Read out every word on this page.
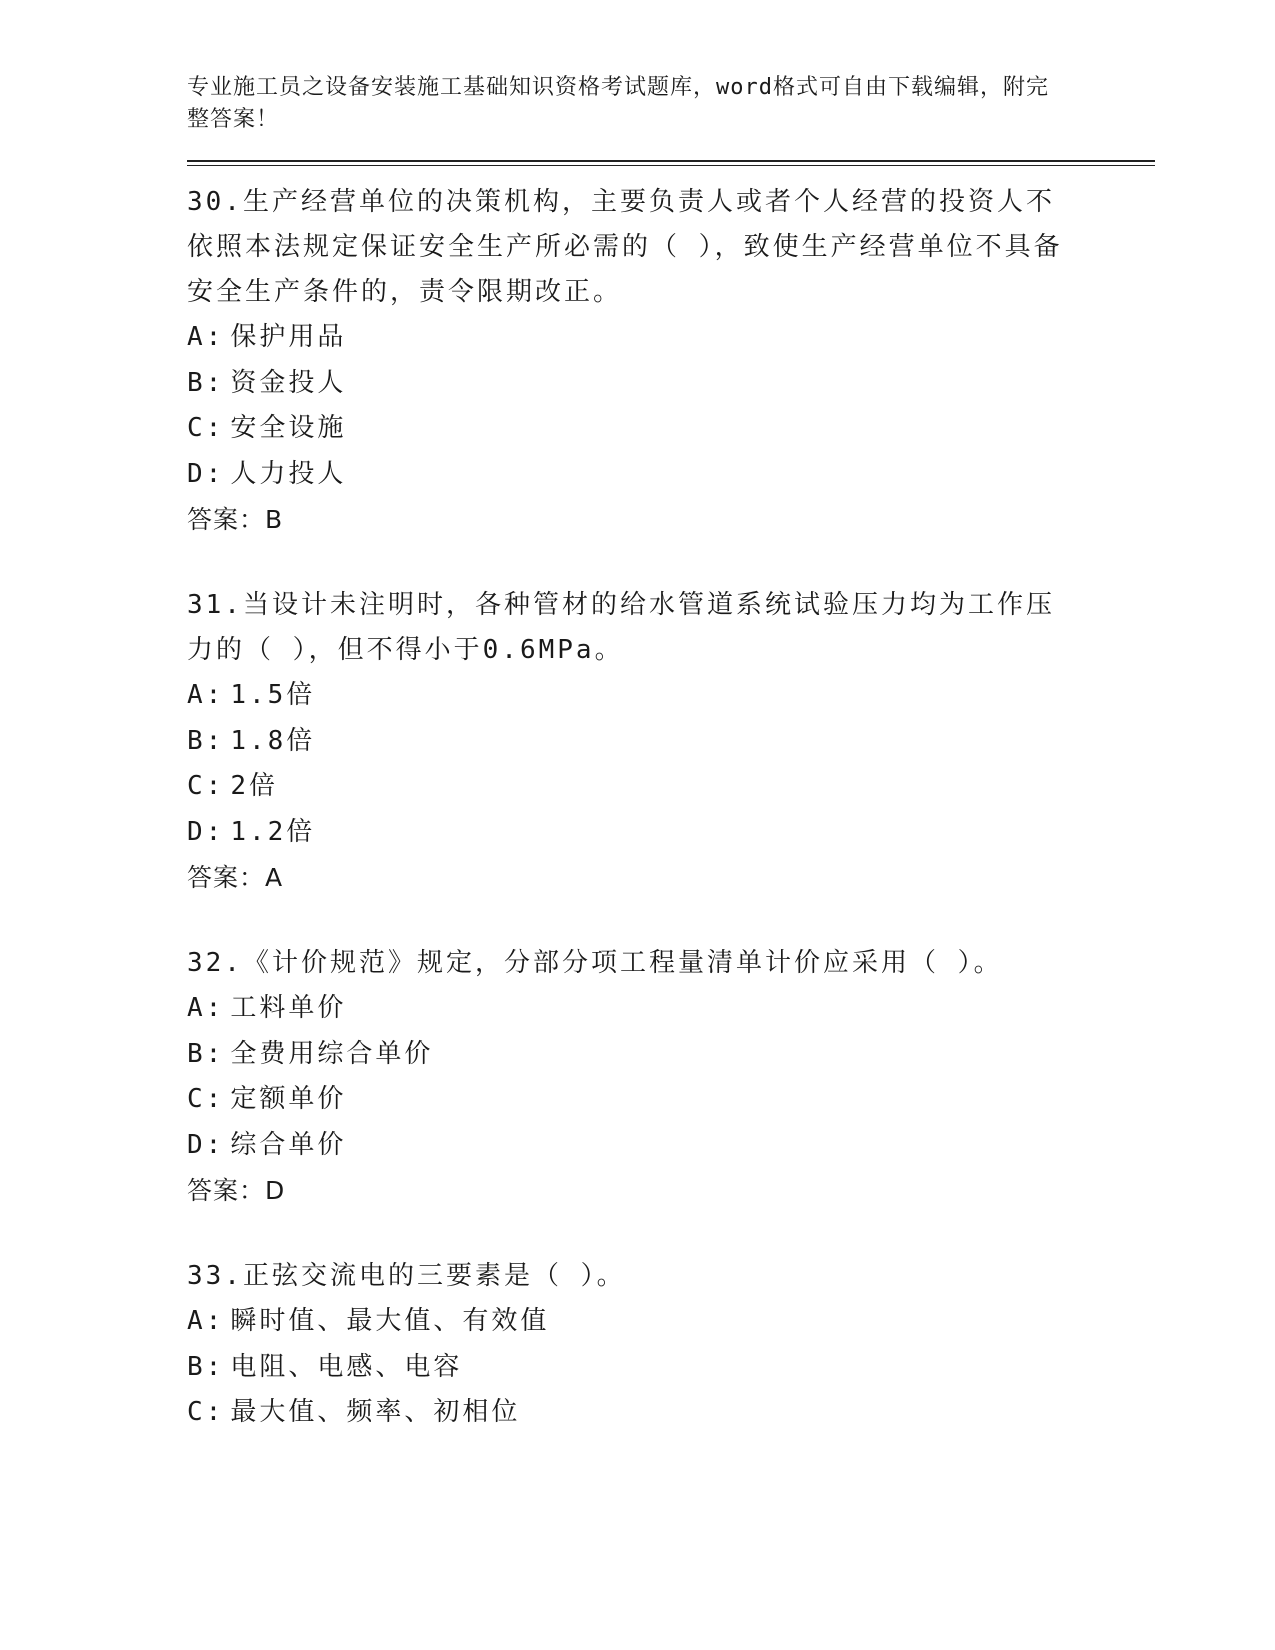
专业施工员之设备安装施工基础知识资格考试题库，word格式可自由下载编辑，附完整答案！

30.生产经营单位的决策机构，主要负责人或者个人经营的投资人不依照本法规定保证安全生产所必需的（ ），致使生产经营单位不具备安全生产条件的，责令限期改正。

A: 保护用品
B: 资金投人
C: 安全设施
D: 人力投人
答案：B

31.当设计未注明时，各种管材的给水管道系统试验压力均为工作压力的（ ），但不得小于0.6MPa。

A: 1.5倍
B: 1.8倍
C: 2倍
D: 1.2倍
答案：A

32.《计价规范》规定，分部分项工程量清单计价应采用（ ）。

A: 工料单价
B: 全费用综合单价
C: 定额单价
D: 综合单价
答案：D

33.正弦交流电的三要素是（ ）。

A: 瞬时值、最大值、有效值
B: 电阻、电感、电容
C: 最大值、频率、初相位
